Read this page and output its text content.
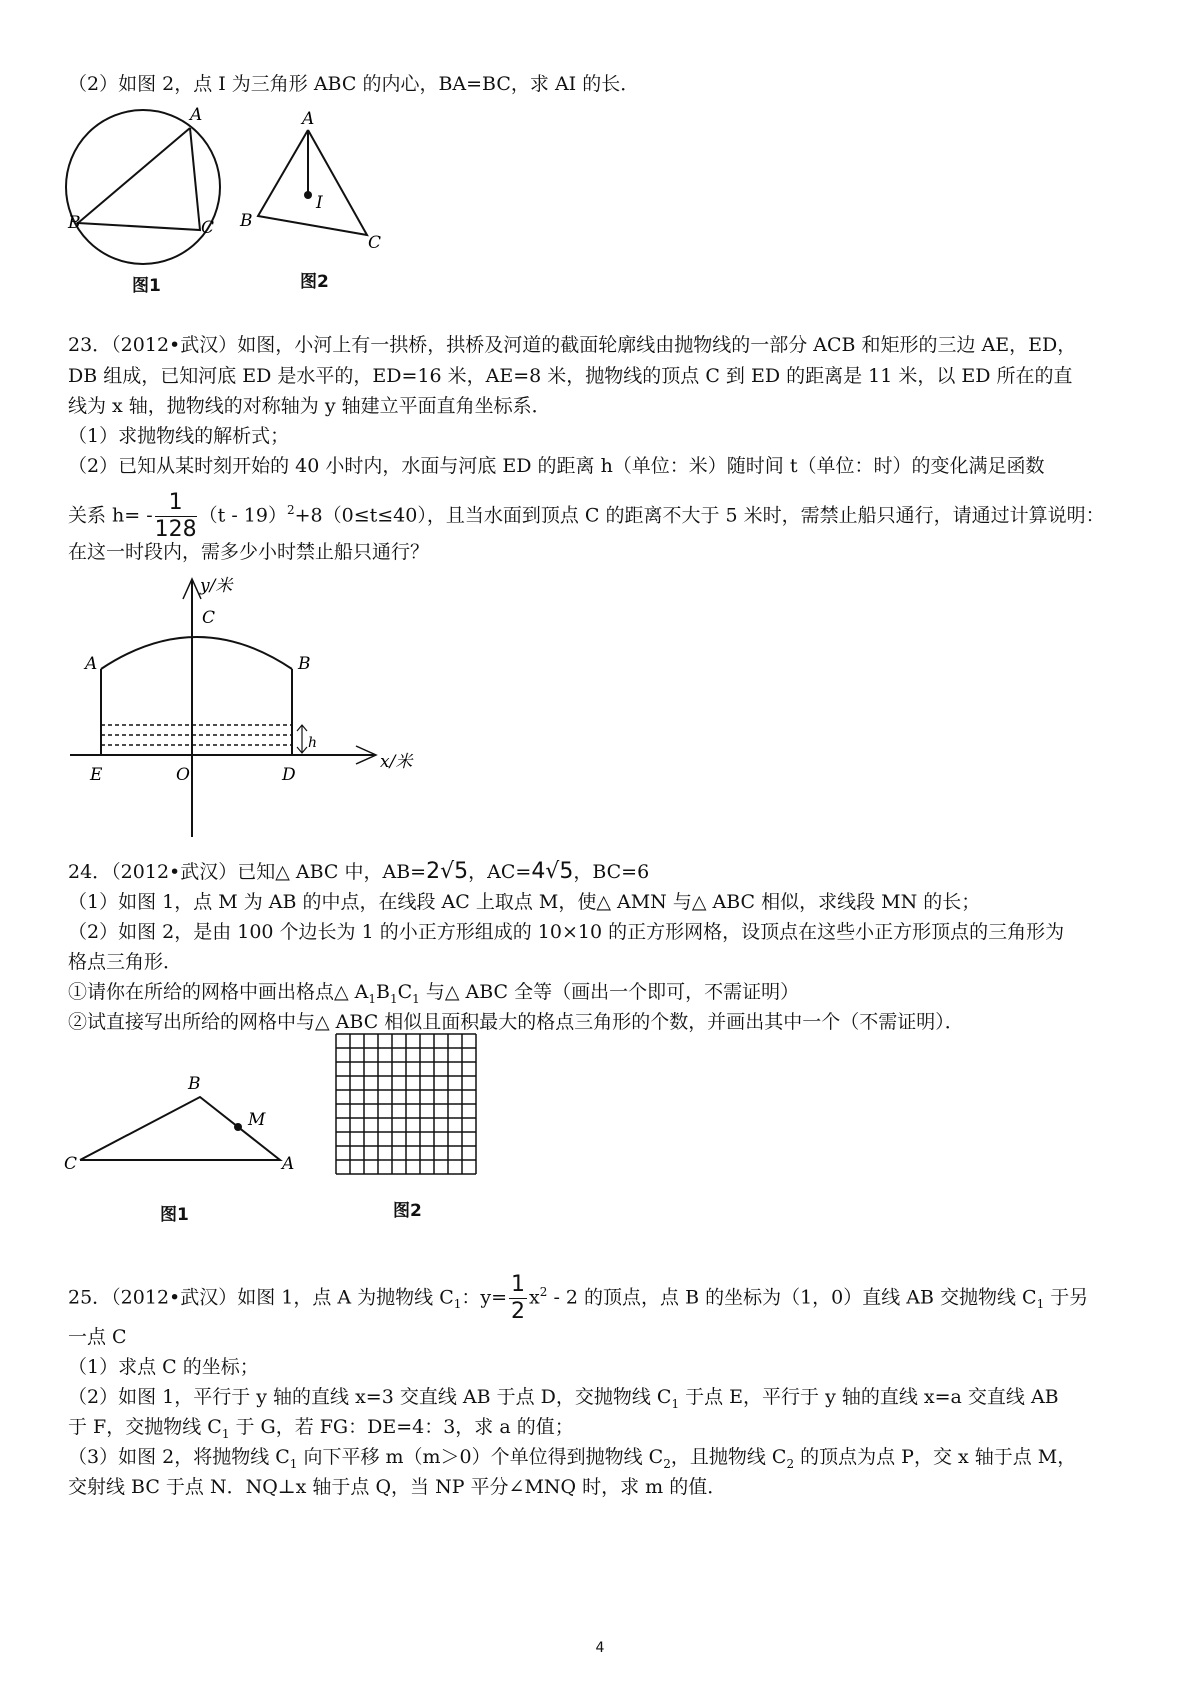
（2）如图 2，点 I 为三角形 ABC 的内心，BA=BC，求 AI 的长．
A
B	C
图1
A
I
B
C
图2
23．（2012•武汉）如图，小河上有一拱桥，拱桥及河道的截面轮廓线由抛物线的一部分 ACB 和矩形的三边 AE，ED，
DB 组成，已知河底 ED 是水平的，ED=16 米，AE=8 米，抛物线的顶点 C 到 ED 的距离是 11 米，以 ED 所在的直
线为 x 轴，抛物线的对称轴为 y 轴建立平面直角坐标系．
（1）求抛物线的解析式；
（2）已知从某时刻开始的 40 小时内，水面与河底 ED 的距离 h（单位：米）随时间 t（单位：时）的变化满足函数
关系 $h= - \frac{1}{128} (t - 19)^2+8(0\le t\le 40)$，且当水面到顶点 C 的距离不大于 5 米时，需禁止船只通行，请通过计算说明：
在这一时段内，需多少小时禁止船只通行？
y/米
x/米
C
A	B
E	O	D
h
24．（2012•武汉）已知△ ABC 中，AB=2√5，AC=4√5，BC=6
（1）如图 1，点 M 为 AB 的中点，在线段 AC 上取点 M，使△ AMN 与△ ABC 相似，求线段 MN 的长；
（2）如图 2，是由 100 个边长为 1 的小正方形组成的 10×10 的正方形网格，设顶点在这些小正方形顶点的三角形为
格点三角形．
①请你在所给的网格中画出格点△ $A_1B_1C_1$ 与△ ABC 全等（画出一个即可，不需证明）
②试直接写出所给的网格中与△ ABC 相似且面积最大的格点三角形的个数，并画出其中一个（不需证明）．
B
M
C	A
图1	图2
25．（2012•武汉）如图 1，点 A 为抛物线 $C_1$：$y= \frac{1}{2} x^2 - 2$ 的顶点，点 B 的坐标为（1，0）直线 AB 交抛物线 $C_1$ 于另
一点 C
（1）求点 C 的坐标；
（2）如图 1，平行于 y 轴的直线 x=3 交直线 AB 于点 D，交抛物线 $C_1$ 于点 E，平行于 y 轴的直线 x=a 交直线 AB
于 F，交抛物线 $C_1$ 于 G，若 FG：DE=4：3，求 a 的值；
（3）如图 2，将抛物线 $C_1$ 向下平移 m（m＞0）个单位得到抛物线 $C_2$，且抛物线 $C_2$ 的顶点为点 P，交 x 轴于点 M，
交射线 BC 于点 N．NQ⊥x 轴于点 Q，当 NP 平分∠MNQ 时，求 m 的值．
4
